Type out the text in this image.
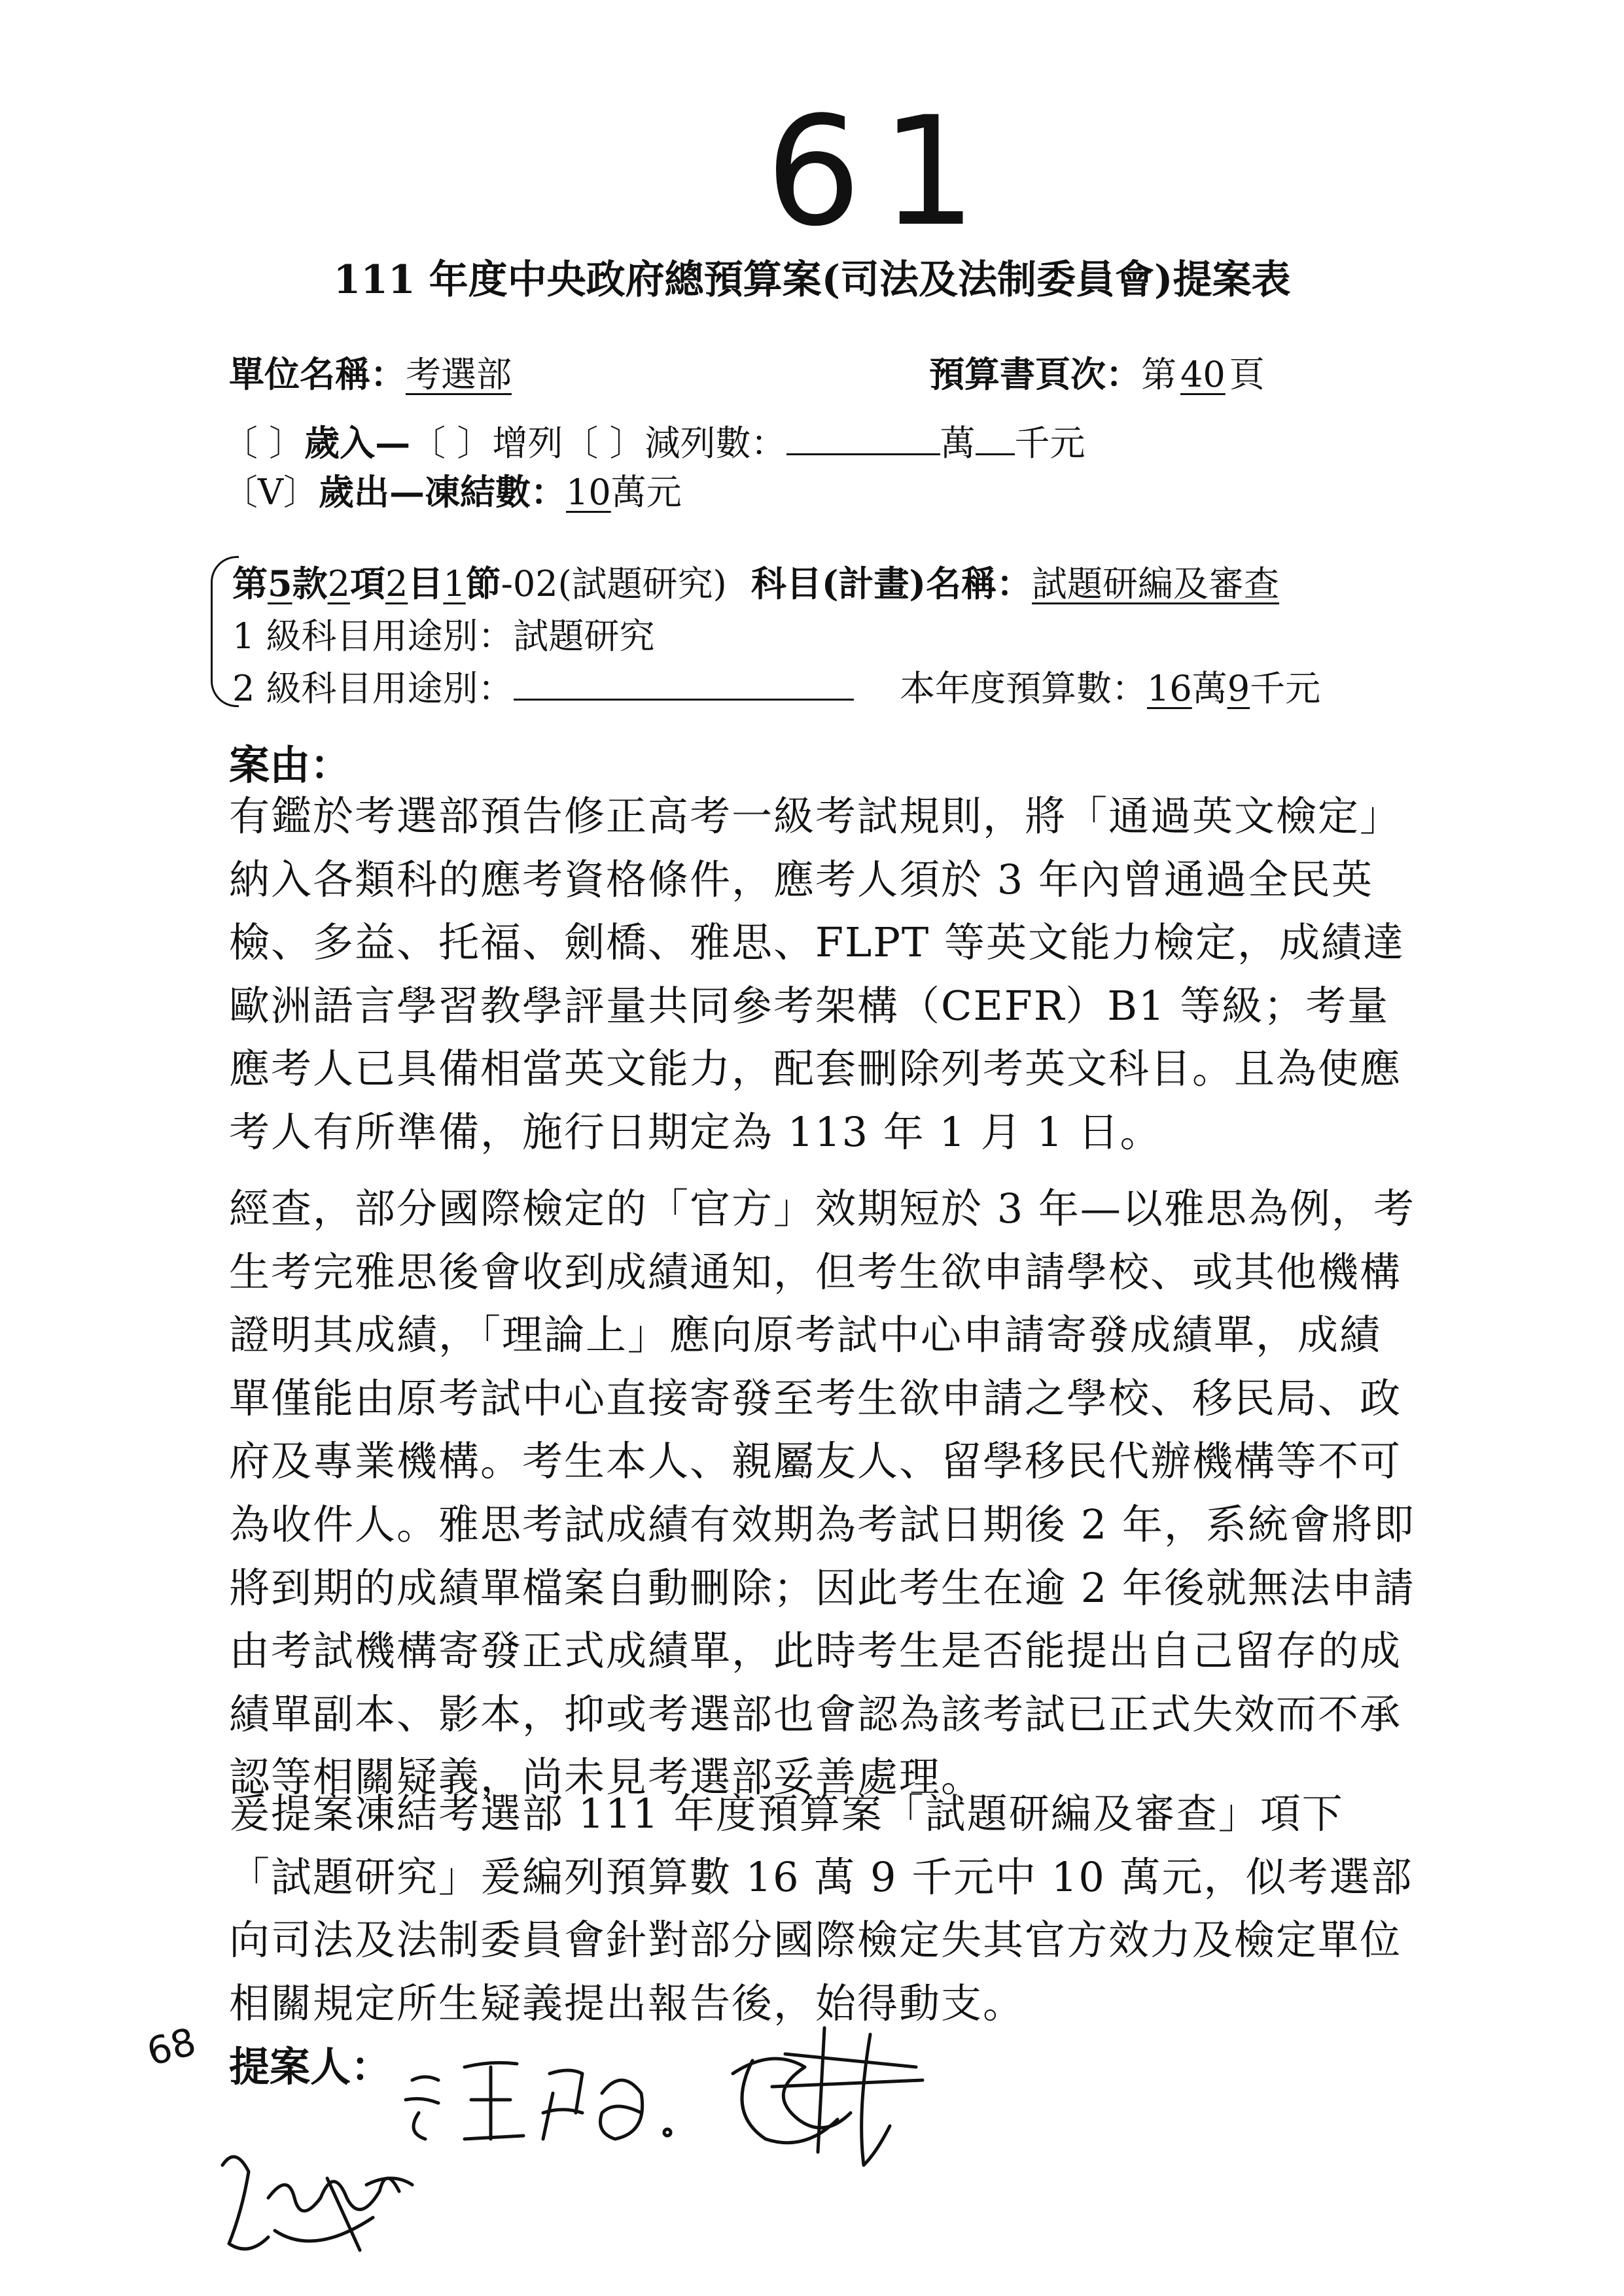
61
111 年度中央政府總預算案(司法及法制委員會)提案表
單位名稱：考選部	預算書頁次：第 40 頁
〔 〕歲入—〔 〕增列〔 〕減列數：	萬 千元
〔V〕歲出—凍結數：10萬元
第5款2項2目1節-02(試題研究) 科目(計畫)名稱：試題研編及審查
1 級科目用途別：試題研究
2 級科目用途別：	本年度預算數：16萬9千元
案由：

有鑑於考選部預告修正高考一級考試規則，將「通過英文檢定」納入各類科的應考資格條件，應考人須於 3 年內曾通過全民英檢、多益、托福、劍橋、雅思、FLPT 等英文能力檢定，成績達歐洲語言學習教學評量共同參考架構（CEFR）B1 等級；考量應考人已具備相當英文能力，配套刪除列考英文科目。且為使應考人有所準備，施行日期定為 113 年 1 月 1 日。

經查，部分國際檢定的「官方」效期短於 3 年—以雅思為例，考生考完雅思後會收到成績通知，但考生欲申請學校、或其他機構證明其成績，「理論上」應向原考試中心申請寄發成績單，成績單僅能由原考試中心直接寄發至考生欲申請之學校、移民局、政府及專業機構。考生本人、親屬友人、留學移民代辦機構等不可為收件人。雅思考試成績有效期為考試日期後 2 年，系統會將即將到期的成績單檔案自動刪除；因此考生在逾 2 年後就無法申請由考試機構寄發正式成績單，此時考生是否能提出自己留存的成績單副本、影本，抑或考選部也會認為該考試已正式失效而不承認等相關疑義，尚未見考選部妥善處理。

爰提案凍結考選部 111 年度預算案「試題研編及審查」項下「試題研究」爰編列預算數 16 萬 9 千元中 10 萬元，似考選部向司法及法制委員會針對部分國際檢定失其官方效力及檢定單位相關規定所生疑義提出報告後，始得動支。

68 提案人：
